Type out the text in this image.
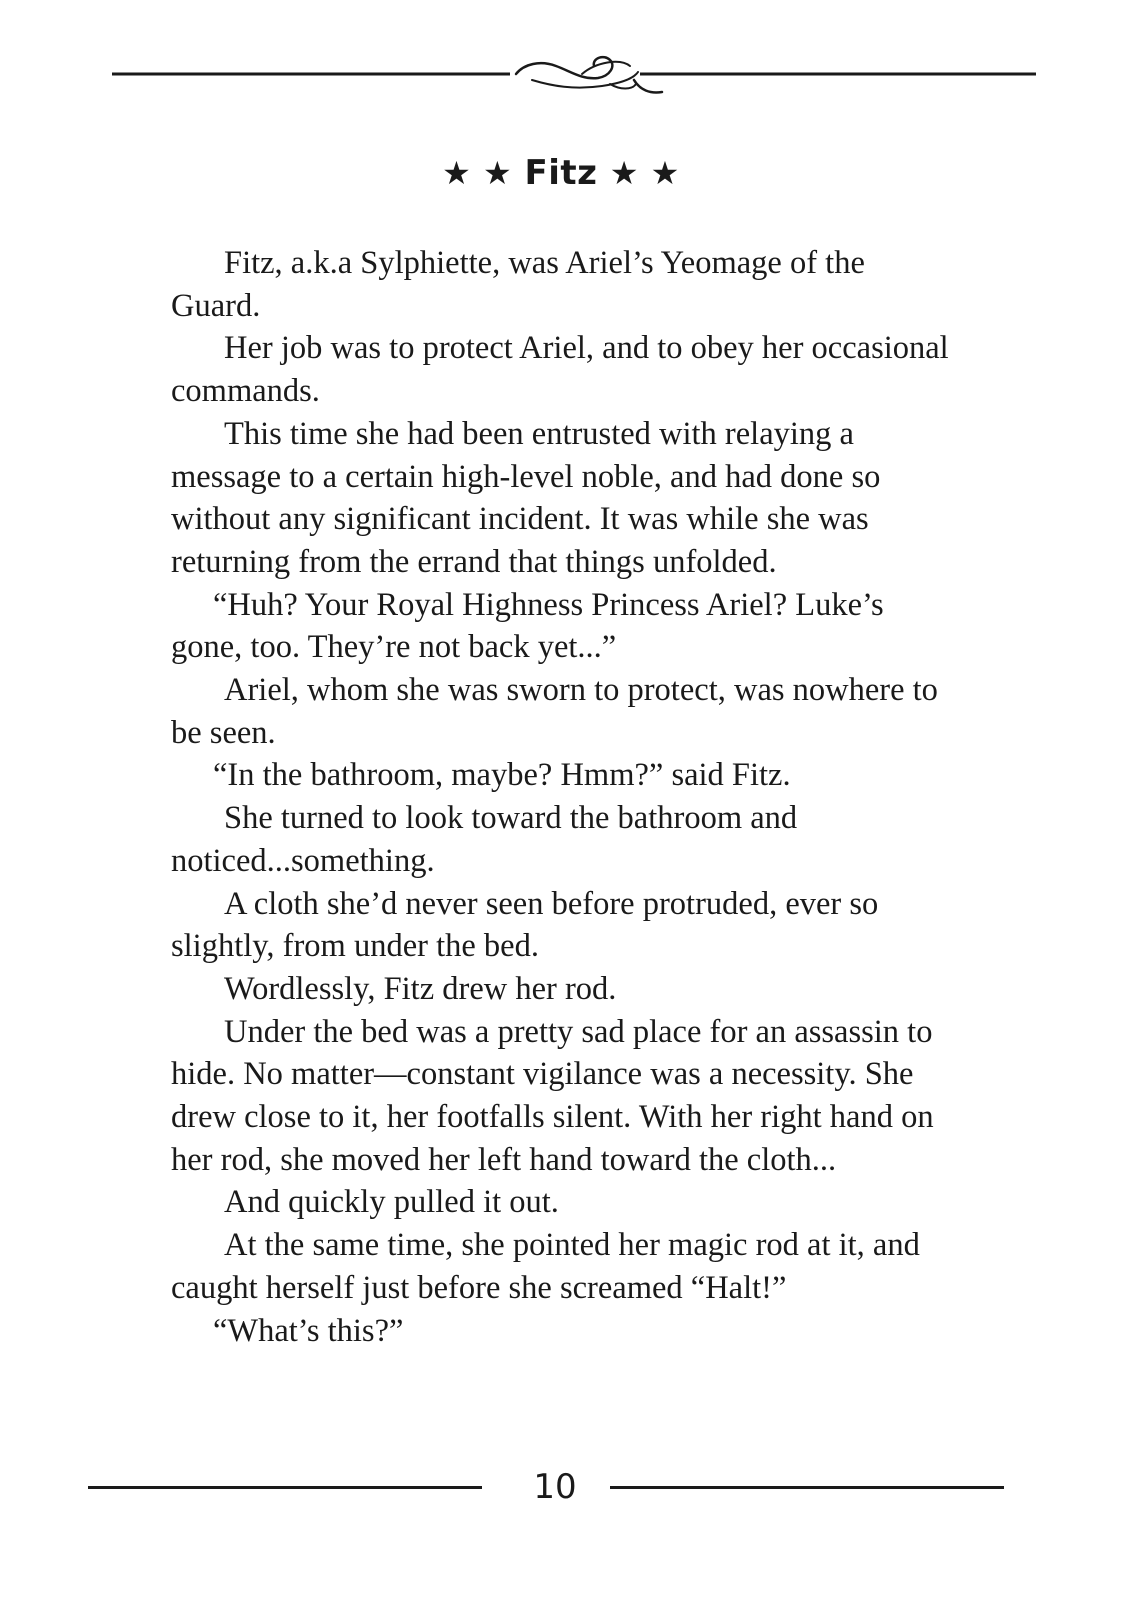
★ ★ Fitz ★ ★

Fitz, a.k.a Sylphiette, was Ariel’s Yeomage of the Guard.

Her job was to protect Ariel, and to obey her occasional commands.

This time she had been entrusted with relaying a message to a certain high-level noble, and had done so without any significant incident. It was while she was returning from the errand that things unfolded.

“Huh? Your Royal Highness Princess Ariel? Luke’s gone, too. They’re not back yet...”

Ariel, whom she was sworn to protect, was nowhere to be seen.

“In the bathroom, maybe? Hmm?” said Fitz.

She turned to look toward the bathroom and noticed...something.

A cloth she’d never seen before protruded, ever so slightly, from under the bed.

Wordlessly, Fitz drew her rod.

Under the bed was a pretty sad place for an assassin to hide. No matter—constant vigilance was a necessity. She drew close to it, her footfalls silent. With her right hand on her rod, she moved her left hand toward the cloth...

And quickly pulled it out.

At the same time, she pointed her magic rod at it, and caught herself just before she screamed “Halt!”

“What’s this?”

10
